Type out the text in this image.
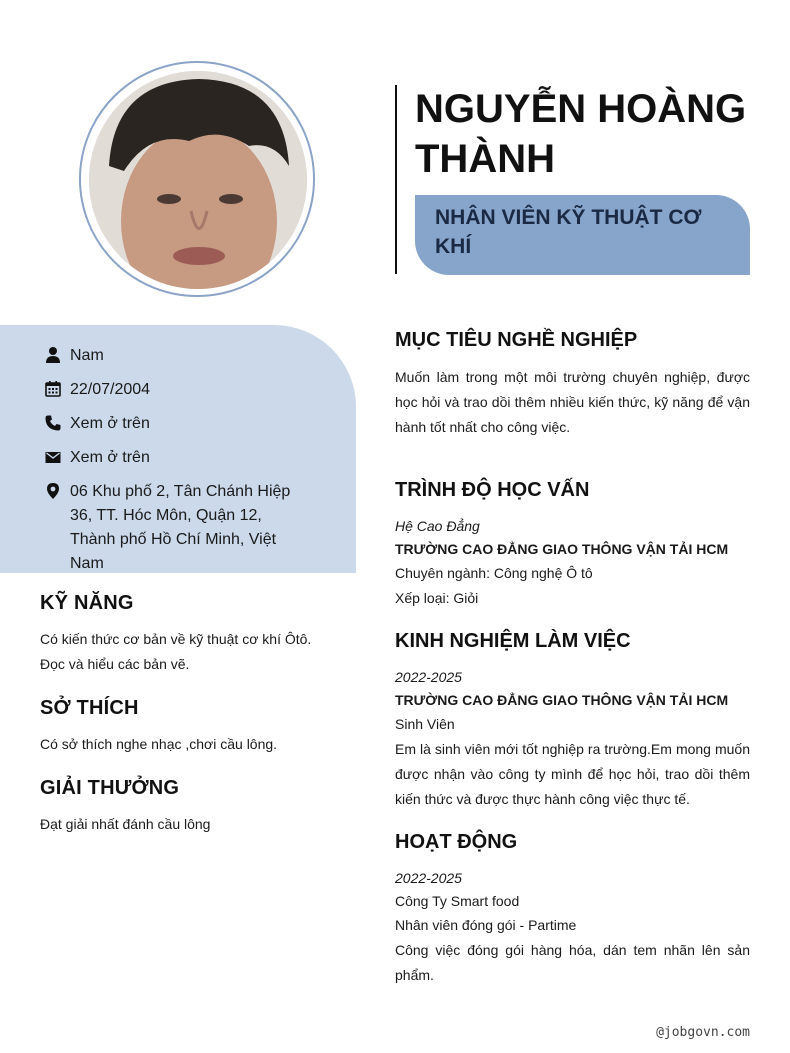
Nam
22/07/2004
Xem ở trên
Xem ở trên
06 Khu phố 2, Tân Chánh Hiệp 36, TT. Hóc Môn, Quận 12, Thành phố Hồ Chí Minh, Việt Nam
KỸ NĂNG
Có kiến thức cơ bản về kỹ thuật cơ khí Ôtô. Đọc và hiểu các bản vẽ.
SỞ THÍCH
Có sở thích nghe nhạc ,chơi cầu lông.
GIẢI THƯỞNG
Đạt giải nhất đánh cầu lông
NGUYỄN HOÀNG THÀNH
NHÂN VIÊN KỸ THUẬT CƠ KHÍ
MỤC TIÊU NGHỀ NGHIỆP
Muốn làm trong một môi trường chuyên nghiệp, được học hỏi và trao dồi thêm nhiều kiến thức, kỹ năng để vận hành tốt nhất cho công việc.
TRÌNH ĐỘ HỌC VẤN
Hệ Cao Đẳng
TRƯỜNG CAO ĐẲNG GIAO THÔNG VẬN TẢI HCM
Chuyên ngành: Công nghệ Ô tô
Xếp loại: Giỏi
KINH NGHIỆM LÀM VIỆC
2022-2025
TRƯỜNG CAO ĐẲNG GIAO THÔNG VẬN TẢI HCM
Sinh Viên
Em là sinh viên mới tốt nghiệp ra trường.Em mong muốn được nhận vào công ty mình để học hỏi, trao dồi thêm kiến thức và được thực hành công việc thực tế.
HOẠT ĐỘNG
2022-2025
Công Ty Smart food
Nhân viên đóng gói - Partime
Công việc đóng gói hàng hóa, dán tem nhãn lên sản phẩm.
@jobgovn.com
